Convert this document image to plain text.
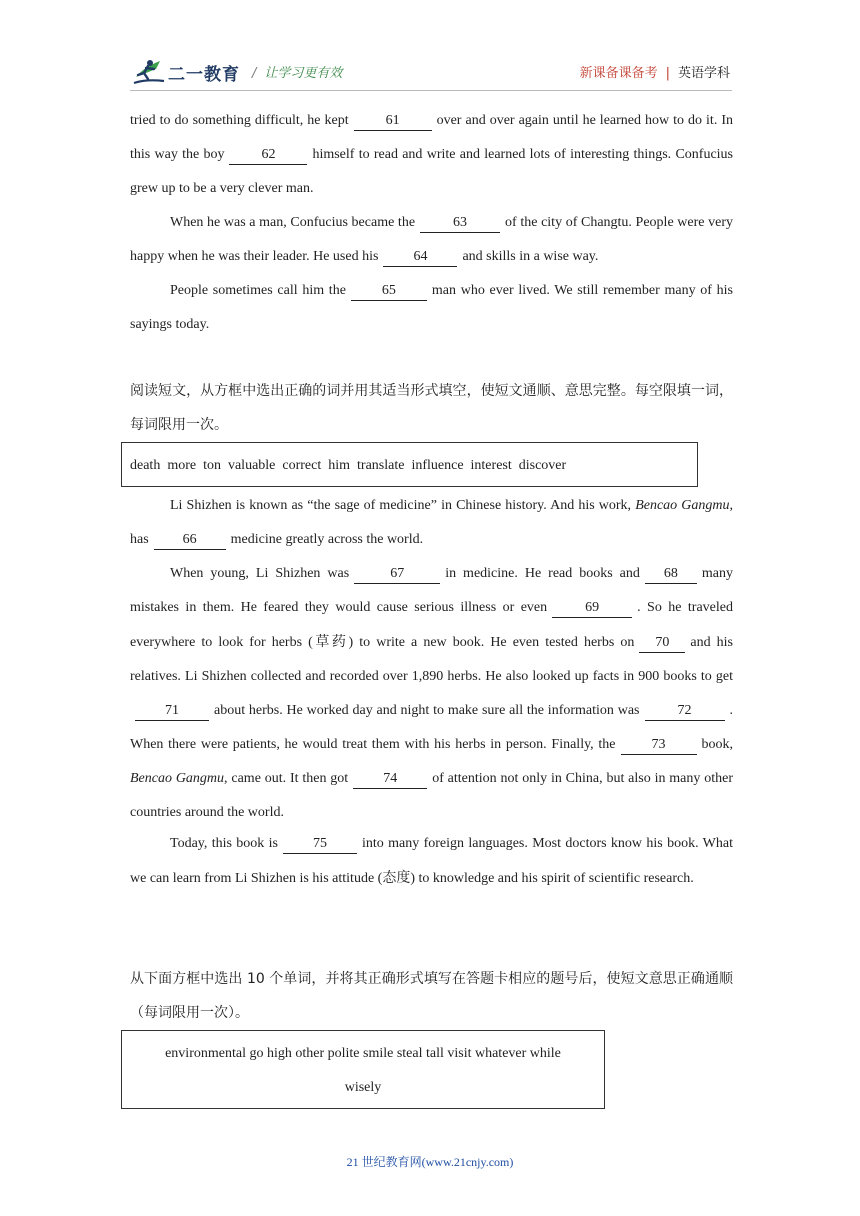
二一教育 / 让学习更有效	新课备课备考 | 英语学科
tried to do something difficult, he kept	61	over and over again until he learned how to do it. In this way the boy	62	himself to read and write and learned lots of interesting things. Confucius grew up to be a very clever man.
When he was a man, Confucius became the	63	of the city of Changtu. People were very happy when he was their leader. He used his	64	and skills in a wise way.
People sometimes call him the	65	man who ever lived. We still remember many of his sayings today.
阅读短文，从方框中选出正确的词并用其适当形式填空，使短文通顺、意思完整。每空限填一词，每词限用一次。
death  more  ton  valuable  correct  him  translate  influence  interest  discover
Li Shizhen is known as “the sage of medicine” in Chinese history. And his work, Bencao Gangmu, has 66 medicine greatly across the world.
When young, Li Shizhen was	67	in medicine. He read books and 68 many mistakes in them. He feared they would cause serious illness or even	69	. So he traveled everywhere to look for herbs (草药) to write a new book. He even tested herbs on 70 and his relatives. Li Shizhen collected and recorded over 1,890 herbs. He also looked up facts in 900 books to get71	about herbs. He worked day and night to make sure all the information was	72	. When there were patients, he would treat them with his herbs in person. Finally, the	73	book, Bencao Gangmu, came out. It then got	74	of attention not only in China, but also in many other countries around the world.
Today, this book is	75	into many foreign languages. Most doctors know his book. What we can learn from Li Shizhen is his attitude (态度) to knowledge and his spirit of scientific research.
从下面方框中选出 10 个单词，并将其正确形式填写在答题卡相应的题号后，使短文意思正确通顺（每词限用一次）。
environmental go high other polite smile steal tall visit whatever while
wisely
21 世纪教育网(www.21cnjy.com)
